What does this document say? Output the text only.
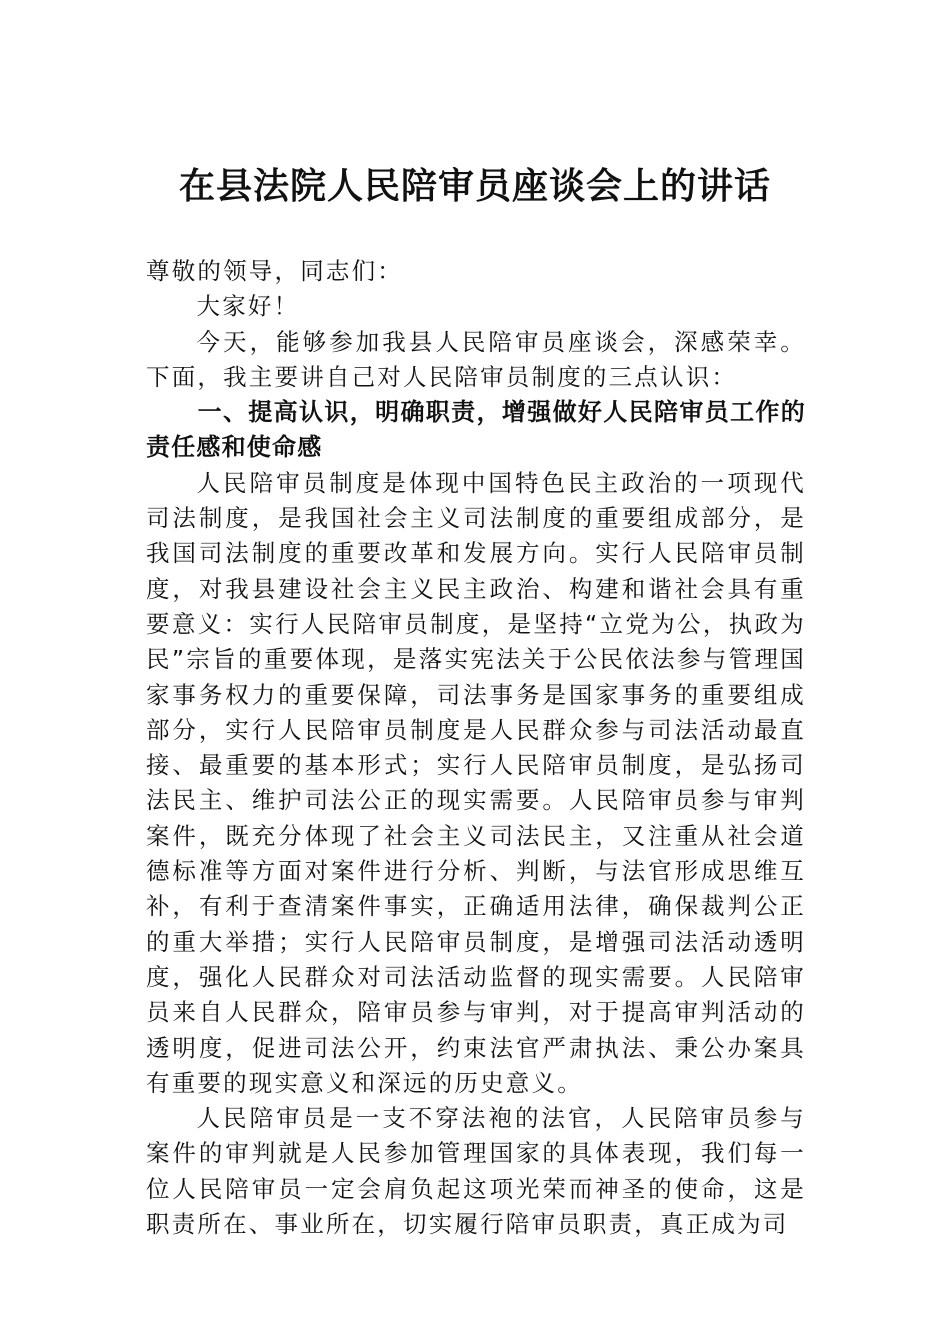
在县法院人民陪审员座谈会上的讲话

尊敬的领导，同志们：

大家好！

今天，能够参加我县人民陪审员座谈会，深感荣幸。下面，我主要讲自己对人民陪审员制度的三点认识：

一、提高认识，明确职责，增强做好人民陪审员工作的责任感和使命感

人民陪审员制度是体现中国特色民主政治的一项现代司法制度，是我国社会主义司法制度的重要组成部分，是我国司法制度的重要改革和发展方向。实行人民陪审员制度，对我县建设社会主义民主政治、构建和谐社会具有重要意义：实行人民陪审员制度，是坚持“立党为公，执政为民”宗旨的重要体现，是落实宪法关于公民依法参与管理国家事务权力的重要保障，司法事务是国家事务的重要组成部分，实行人民陪审员制度是人民群众参与司法活动最直接、最重要的基本形式；实行人民陪审员制度，是弘扬司法民主、维护司法公正的现实需要。人民陪审员参与审判案件，既充分体现了社会主义司法民主，又注重从社会道德标准等方面对案件进行分析、判断，与法官形成思维互补，有利于查清案件事实，正确适用法律，确保裁判公正的重大举措；实行人民陪审员制度，是增强司法活动透明度，强化人民群众对司法活动监督的现实需要。人民陪审员来自人民群众，陪审员参与审判，对于提高审判活动的透明度，促进司法公开，约束法官严肃执法、秉公办案具有重要的现实意义和深远的历史意义。

人民陪审员是一支不穿法袍的法官，人民陪审员参与案件的审判就是人民参加管理国家的具体表现，我们每一位人民陪审员一定会肩负起这项光荣而神圣的使命，这是职责所在、事业所在，切实履行陪审员职责，真正成为司
